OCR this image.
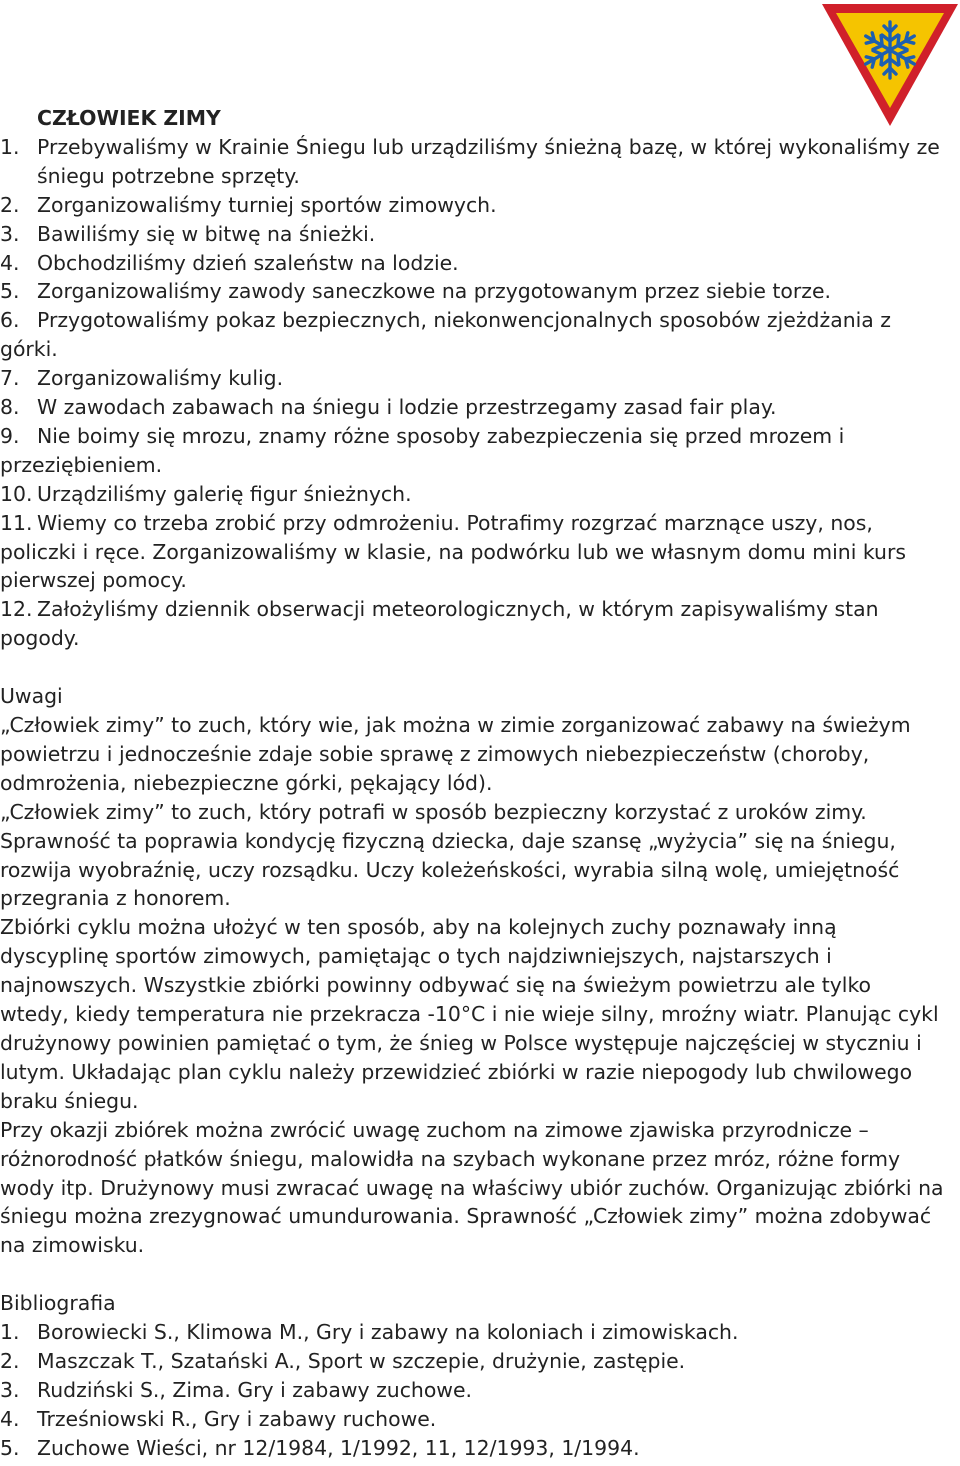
CZŁOWIEK ZIMY
1. Przebywaliśmy w Krainie Śniegu lub urządziliśmy śnieżną bazę, w której wykonaliśmy ze śniegu potrzebne sprzęty.
2. Zorganizowaliśmy turniej sportów zimowych.
3. Bawiliśmy się w bitwę na śnieżki.
4. Obchodziliśmy dzień szaleństw na lodzie.
5. Zorganizowaliśmy zawody saneczkowe na przygotowanym przez siebie torze.
6. Przygotowaliśmy pokaz bezpiecznych, niekonwencjonalnych sposobów zjeżdżania z górki.
7. Zorganizowaliśmy kulig.
8. W zawodach zabawach na śniegu i lodzie przestrzegamy zasad fair play.
9. Nie boimy się mrozu, znamy różne sposoby zabezpieczenia się przed mrozem i przeziębieniem.
10. Urządziliśmy galerię figur śnieżnych.
11. Wiemy co trzeba zrobić przy odmrożeniu. Potrafimy rozgrzać marznące uszy, nos, policzki i ręce. Zorganizowaliśmy w klasie, na podwórku lub we własnym domu mini kurs pierwszej pomocy.
12. Założyliśmy dziennik obserwacji meteorologicznych, w którym zapisywaliśmy stan pogody.
Uwagi

„Człowiek zimy” to zuch, który wie, jak można w zimie zorganizować zabawy na świeżym powietrzu i jednocześnie zdaje sobie sprawę z zimowych niebezpieczeństw (choroby, odmrożenia, niebezpieczne górki, pękający lód).

„Człowiek zimy” to zuch, który potrafi w sposób bezpieczny korzystać z uroków zimy. Sprawność ta poprawia kondycję fizyczną dziecka, daje szansę „wyżycia” się na śniegu, rozwija wyobraźnię, uczy rozsądku. Uczy koleżeńskości, wyrabia silną wolę, umiejętność przegrania z honorem.

Zbiórki cyklu można ułożyć w ten sposób, aby na kolejnych zuchy poznawały inną dyscyplinę sportów zimowych, pamiętając o tych najdziwniejszych, najstarszych i najnowszych. Wszystkie zbiórki powinny odbywać się na świeżym powietrzu ale tylko wtedy, kiedy temperatura nie przekracza -10°C i nie wieje silny, mroźny wiatr. Planując cykl drużynowy powinien pamiętać o tym, że śnieg w Polsce występuje najczęściej w styczniu i lutym. Układając plan cyklu należy przewidzieć zbiórki w razie niepogody lub chwilowego braku śniegu.

Przy okazji zbiórek można zwrócić uwagę zuchom na zimowe zjawiska przyrodnicze – różnorodność płatków śniegu, malowidła na szybach wykonane przez mróz, różne formy wody itp. Drużynowy musi zwracać uwagę na właściwy ubiór zuchów. Organizując zbiórki na śniegu można zrezygnować umundurowania. Sprawność „Człowiek zimy” można zdobywać na zimowisku.

Bibliografia
1. Borowiecki S., Klimowa M., Gry i zabawy na koloniach i zimowiskach.
2. Maszczak T., Szatański A., Sport w szczepie, drużynie, zastępie.
3. Rudziński S., Zima. Gry i zabawy zuchowe.
4. Trześniowski R., Gry i zabawy ruchowe.
5. Zuchowe Wieści, nr 12/1984, 1/1992, 11, 12/1993, 1/1994.
